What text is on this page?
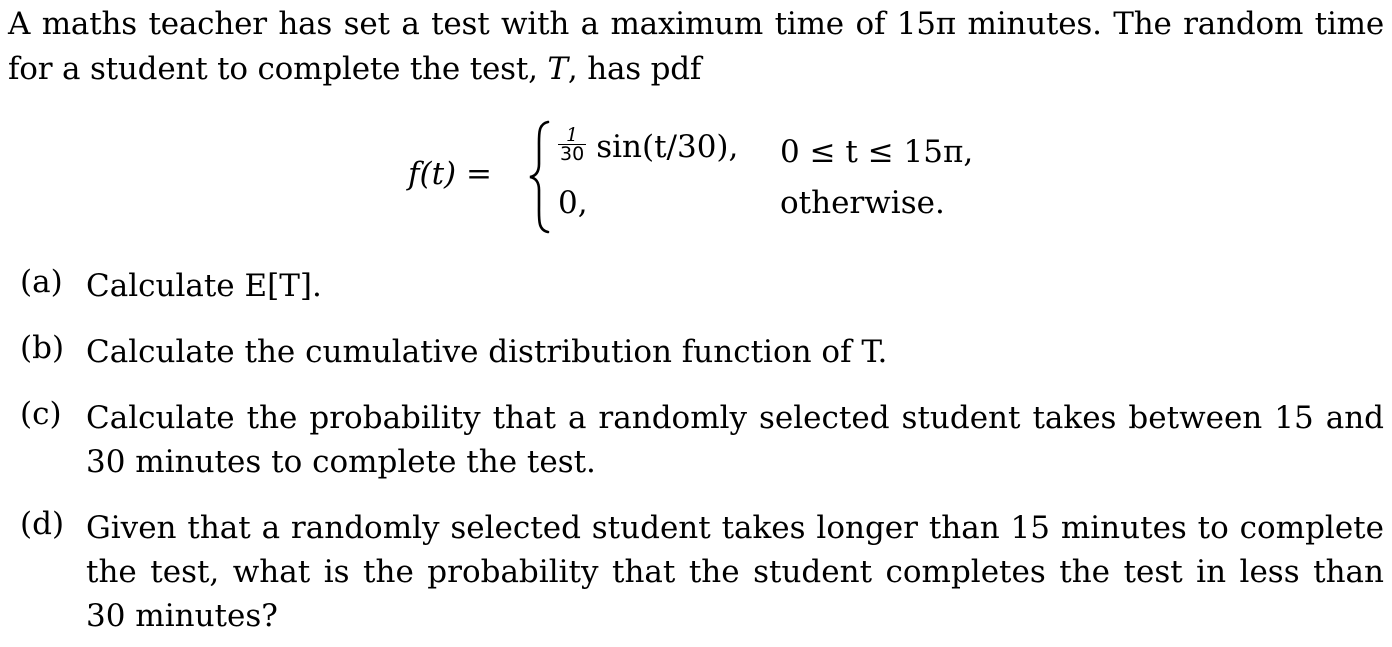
A maths teacher has set a test with a maximum time of 15π minutes. The random time
for a student to complete the test, T, has pdf
f(t) =
$\frac{1}{30} \sin(t/30)$, 0 ≤ t ≤ 15π,
0,	otherwise.
(a) Calculate E[T].
(b) Calculate the cumulative distribution function of T.
(c) Calculate the probability that a randomly selected student takes between 15 and
30 minutes to complete the test.
(d) Given that a randomly selected student takes longer than 15 minutes to complete
the test, what is the probability that the student completes the test in less than
30 minutes?
